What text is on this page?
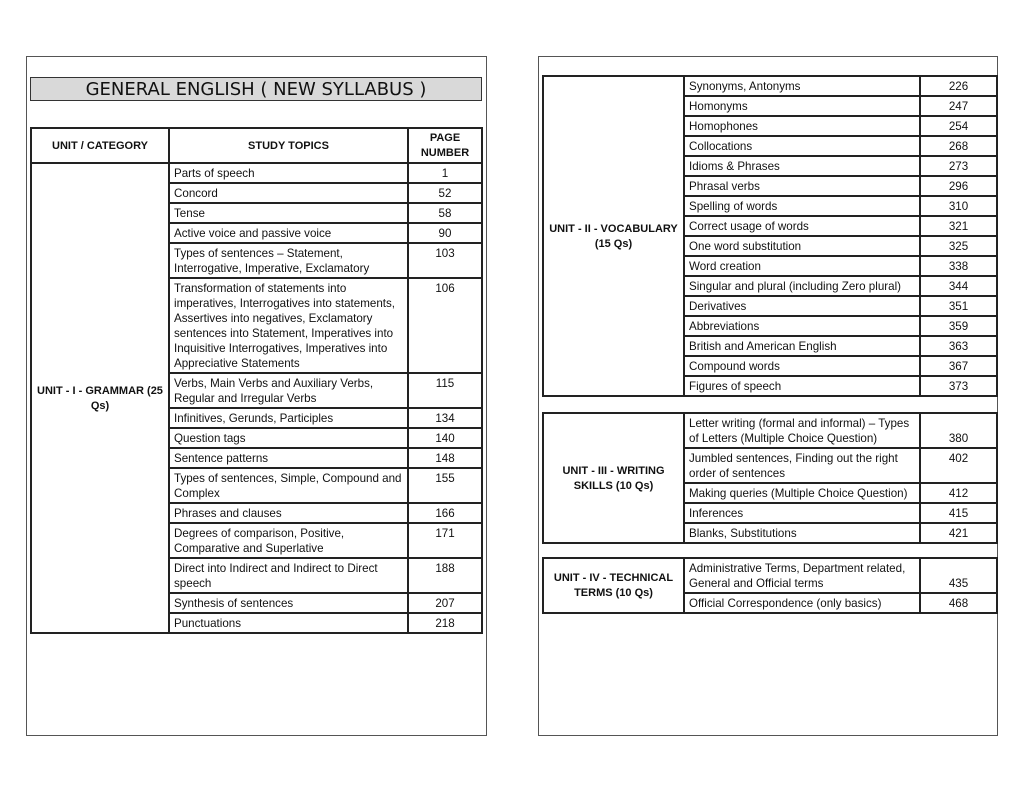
GENERAL ENGLISH ( NEW SYLLABUS )
UNIT / CATEGORY	STUDY TOPICS	PAGE NUMBER
UNIT - I - GRAMMAR (25 Qs)	Parts of speech	1
	Concord	52
	Tense	58
	Active voice and passive voice	90
	Types of sentences – Statement, Interrogative, Imperative, Exclamatory	103
	Transformation of statements into imperatives, Interrogatives into statements, Assertives into negatives, Exclamatory sentences into Statement, Imperatives into Inquisitive Interrogatives, Imperatives into Appreciative Statements	106
	Verbs, Main Verbs and Auxiliary Verbs, Regular and Irregular Verbs	115
	Infinitives, Gerunds, Participles	134
	Question tags	140
	Sentence patterns	148
	Types of sentences, Simple, Compound and Complex	155
	Phrases and clauses	166
	Degrees of comparison, Positive, Comparative and Superlative	171
	Direct into Indirect and Indirect to Direct speech	188
	Synthesis of sentences	207
	Punctuations	218
UNIT - II - VOCABULARY (15 Qs)	Synonyms, Antonyms	226
	Homonyms	247
	Homophones	254
	Collocations	268
	Idioms & Phrases	273
	Phrasal verbs	296
	Spelling of words	310
	Correct usage of words	321
	One word substitution	325
	Word creation	338
	Singular and plural (including Zero plural)	344
	Derivatives	351
	Abbreviations	359
	British and American English	363
	Compound words	367
	Figures of speech	373
UNIT - III - WRITING SKILLS (10 Qs)	Letter writing (formal and informal) – Types of Letters (Multiple Choice Question)	380
	Jumbled sentences, Finding out the right order of sentences	402
	Making queries (Multiple Choice Question)	412
	Inferences	415
	Blanks, Substitutions	421
UNIT - IV - TECHNICAL TERMS (10 Qs)	Administrative Terms, Department related, General and Official terms	435
	Official Correspondence (only basics)	468
